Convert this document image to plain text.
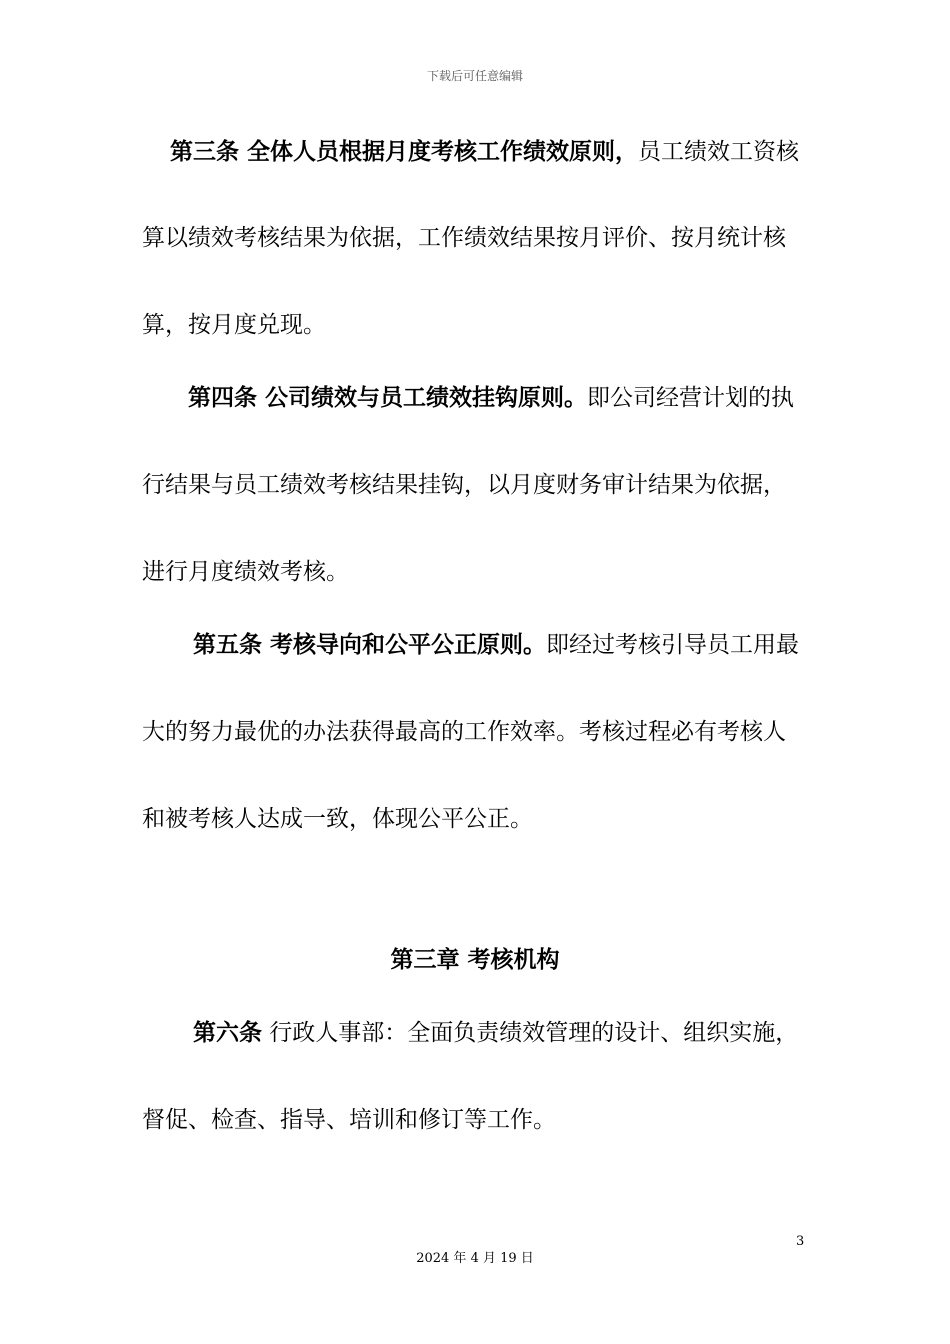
下载后可任意编辑
第三条 全体人员根据月度考核工作绩效原则，员工绩效工资核
算以绩效考核结果为依据，工作绩效结果按月评价、按月统计核
算，按月度兑现。
第四条 公司绩效与员工绩效挂钩原则。即公司经营计划的执
行结果与员工绩效考核结果挂钩，以月度财务审计结果为依据，
进行月度绩效考核。
第五条 考核导向和公平公正原则。即经过考核引导员工用最
大的努力最优的办法获得最高的工作效率。考核过程必有考核人
和被考核人达成一致，体现公平公正。
第三章 考核机构
第六条 行政人事部：全面负责绩效管理的设计、组织实施，
督促、检查、指导、培训和修订等工作。
3
2024 年 4 月 19 日
